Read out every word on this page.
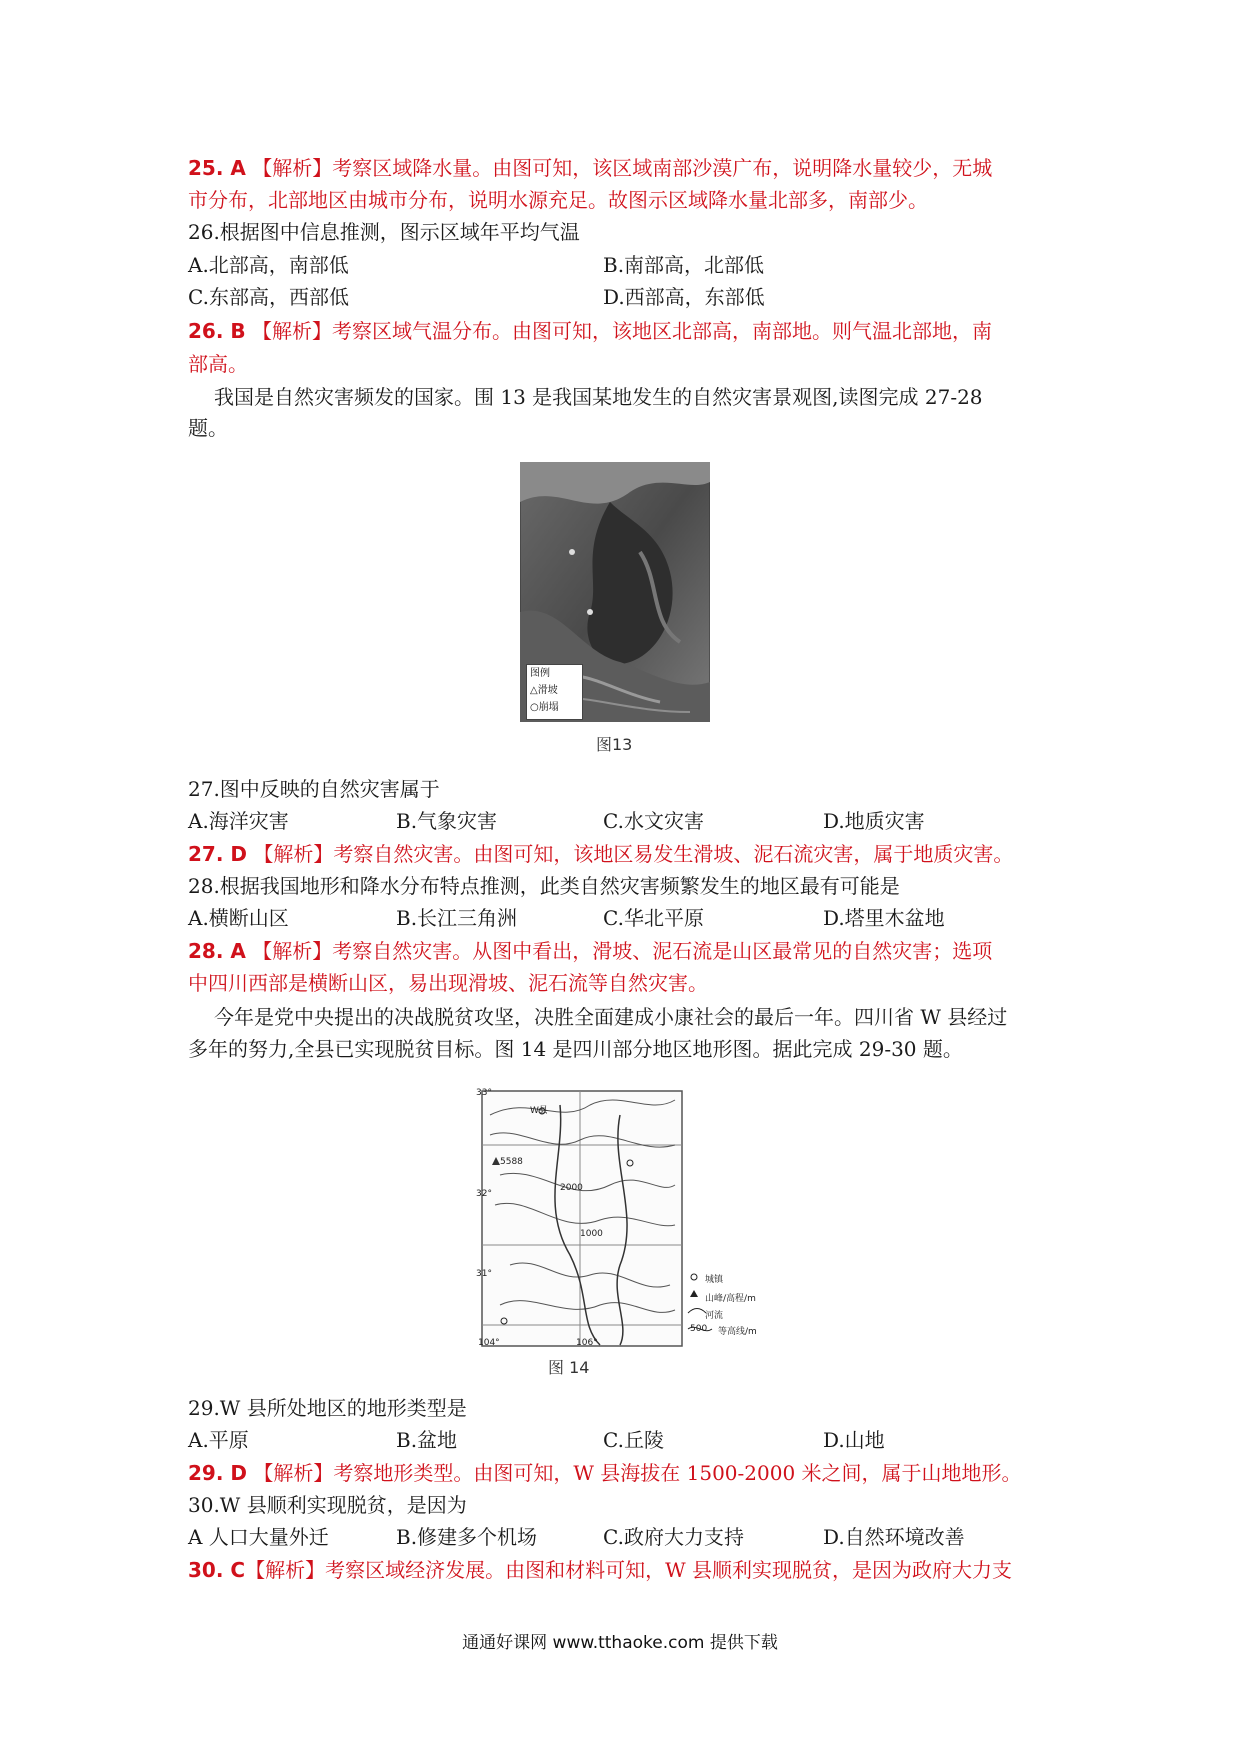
25. A 【解析】考察区域降水量。由图可知，该区域南部沙漠广布，说明降水量较少，无城
市分布，北部地区由城市分布，说明水源充足。故图示区域降水量北部多，南部少。
26.根据图中信息推测，图示区域年平均气温
A.北部高，南部低	B.南部高，北部低
C.东部高，西部低	D.西部高，东部低
26. B 【解析】考察区域气温分布。由图可知，该地区北部高，南部地。则气温北部地，南
部高。
我国是自然灾害频发的国家。围 13 是我国某地发生的自然灾害景观图,读图完成 27-28
题。
图例
△滑坡
○崩塌
图13
27.图中反映的自然灾害属于
A.海洋灾害	B.气象灾害	C.水文灾害	D.地质灾害
27. D 【解析】考察自然灾害。由图可知，该地区易发生滑坡、泥石流灾害，属于地质灾害。
28.根据我国地形和降水分布特点推测，此类自然灾害频繁发生的地区最有可能是
A.横断山区	B.长江三角洲	C.华北平原	D.塔里木盆地
28. A 【解析】考察自然灾害。从图中看出，滑坡、泥石流是山区最常见的自然灾害；选项
中四川西部是横断山区，易出现滑坡、泥石流等自然灾害。
今年是党中央提出的决战脱贫攻坚，决胜全面建成小康社会的最后一年。四川省 W 县经过
多年的努力,全县已实现脱贫目标。图 14 是四川部分地区地形图。据此完成 29-30 题。
33°
32°
31°
104°	106°
5588
2000
1000
W县
城镇
山峰/高程/m
河流
500 等高线/m
图 14
29.W 县所处地区的地形类型是
A.平原	B.盆地	C.丘陵	D.山地
29. D 【解析】考察地形类型。由图可知，W 县海拔在 1500-2000 米之间，属于山地地形。
30.W 县顺利实现脱贫，是因为
A 人口大量外迁	B.修建多个机场	C.政府大力支持	D.自然环境改善
30. C【解析】考察区域经济发展。由图和材料可知，W 县顺利实现脱贫，是因为政府大力支
通通好课网 www.tthaoke.com 提供下载
